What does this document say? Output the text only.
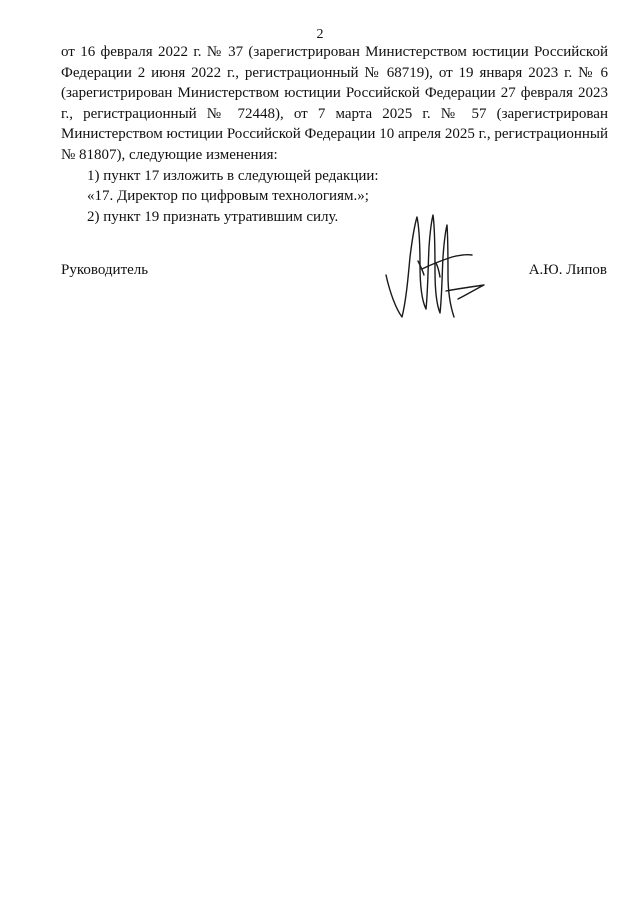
2

от 16 февраля 2022 г. № 37 (зарегистрирован Министерством юстиции Российской Федерации 2 июня 2022 г., регистрационный № 68719), от 19 января 2023 г. № 6 (зарегистрирован Министерством юстиции Российской Федерации 27 февраля 2023 г., регистрационный № 72448), от 7 марта 2025 г. № 57 (зарегистрирован Министерством юстиции Российской Федерации 10 апреля 2025 г., регистрационный № 81807), следующие изменения:

1) пункт 17 изложить в следующей редакции:

«17. Директор по цифровым технологиям.»;

2) пункт 19 признать утратившим силу.

Руководитель	А.Ю. Липов
